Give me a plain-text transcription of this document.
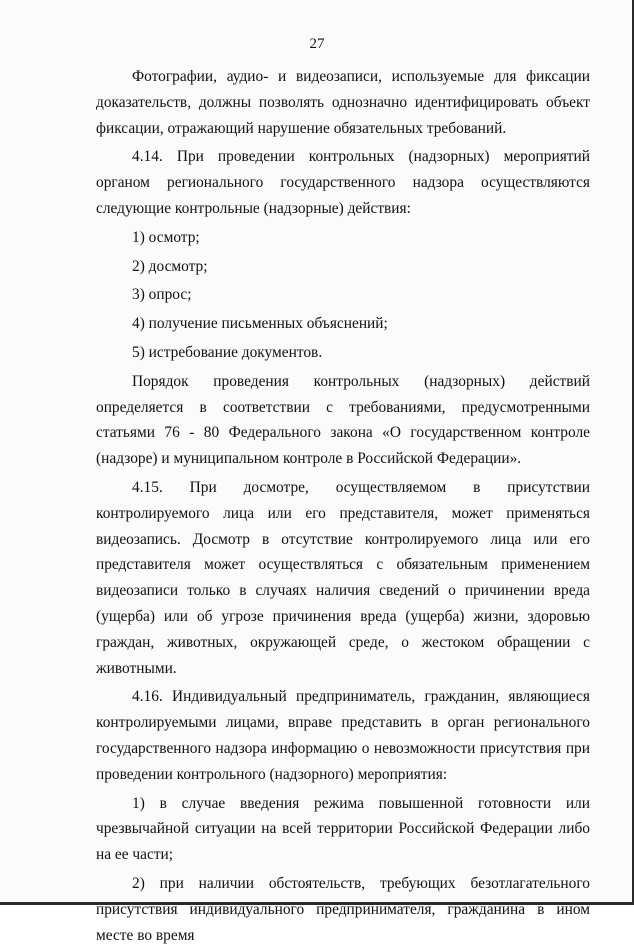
27

Фотографии, аудио- и видеозаписи, используемые для фиксации доказательств, должны позволять однозначно идентифицировать объект фиксации, отражающий нарушение обязательных требований.

4.14. При проведении контрольных (надзорных) мероприятий органом регионального государственного надзора осуществляются следующие контрольные (надзорные) действия:

1) осмотр;

2) досмотр;

3) опрос;

4) получение письменных объяснений;

5) истребование документов.

Порядок проведения контрольных (надзорных) действий определяется в соответствии с требованиями, предусмотренными статьями 76 - 80 Федерального закона «О государственном контроле (надзоре) и муниципальном контроле в Российской Федерации».

4.15. При досмотре, осуществляемом в присутствии контролируемого лица или его представителя, может применяться видеозапись. Досмотр в отсутствие контролируемого лица или его представителя может осуществляться с обязательным применением видеозаписи только в случаях наличия сведений о причинении вреда (ущерба) или об угрозе причинения вреда (ущерба) жизни, здоровью граждан, животных, окружающей среде, о жестоком обращении с животными.

4.16. Индивидуальный предприниматель, гражданин, являющиеся контролируемыми лицами, вправе представить в орган регионального государственного надзора информацию о невозможности присутствия при проведении контрольного (надзорного) мероприятия:

1) в случае введения режима повышенной готовности или чрезвычайной ситуации на всей территории Российской Федерации либо на ее части;

2) при наличии обстоятельств, требующих безотлагательного присутствия индивидуального предпринимателя, гражданина в ином месте во время
